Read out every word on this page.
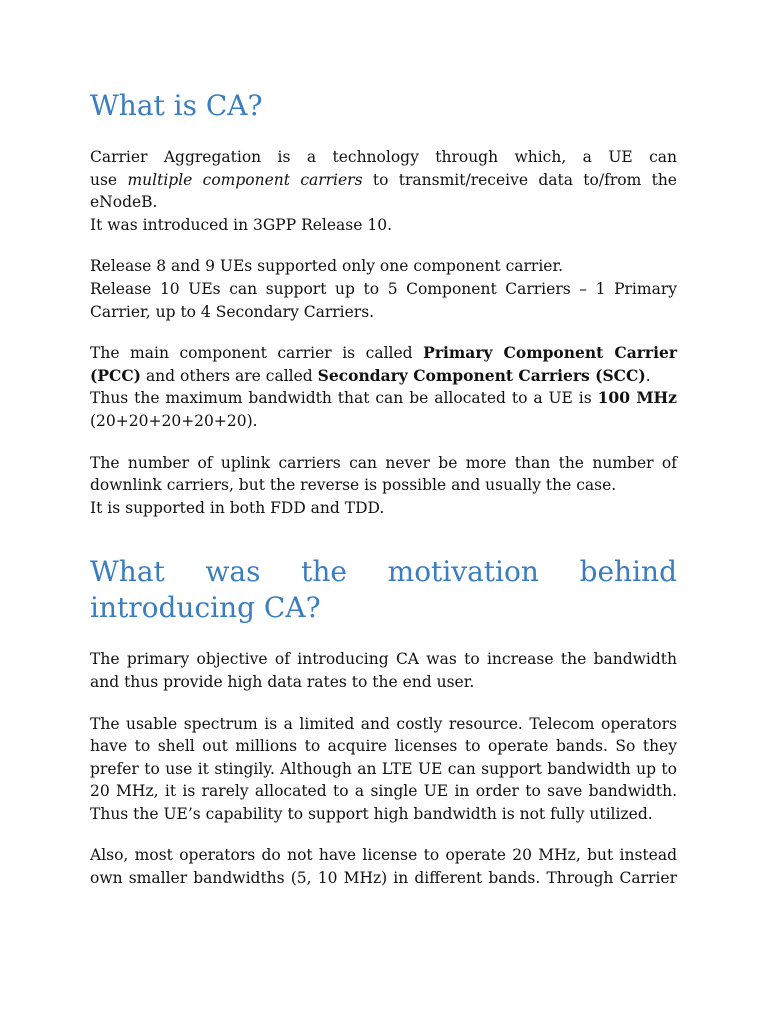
What is CA?

Carrier Aggregation is a technology through which, a UE can
use multiple component carriers to transmit/receive data to/from the
eNodeB.
It was introduced in 3GPP Release 10.

Release 8 and 9 UEs supported only one component carrier.
Release 10 UEs can support up to 5 Component Carriers – 1 Primary
Carrier, up to 4 Secondary Carriers.

The main component carrier is called Primary Component Carrier (PCC) and others are called Secondary Component Carriers (SCC).
Thus the maximum bandwidth that can be allocated to a UE is 100 MHz (20+20+20+20+20).

The number of uplink carriers can never be more than the number of downlink carriers, but the reverse is possible and usually the case.
It is supported in both FDD and TDD.

What was the motivation behind introducing CA?

The primary objective of introducing CA was to increase the bandwidth and thus provide high data rates to the end user.

The usable spectrum is a limited and costly resource. Telecom operators have to shell out millions to acquire licenses to operate bands. So they prefer to use it stingily. Although an LTE UE can support bandwidth up to 20 MHz, it is rarely allocated to a single UE in order to save bandwidth. Thus the UE’s capability to support high bandwidth is not fully utilized.

Also, most operators do not have license to operate 20 MHz, but instead own smaller bandwidths (5, 10 MHz) in different bands. Through Carrier
